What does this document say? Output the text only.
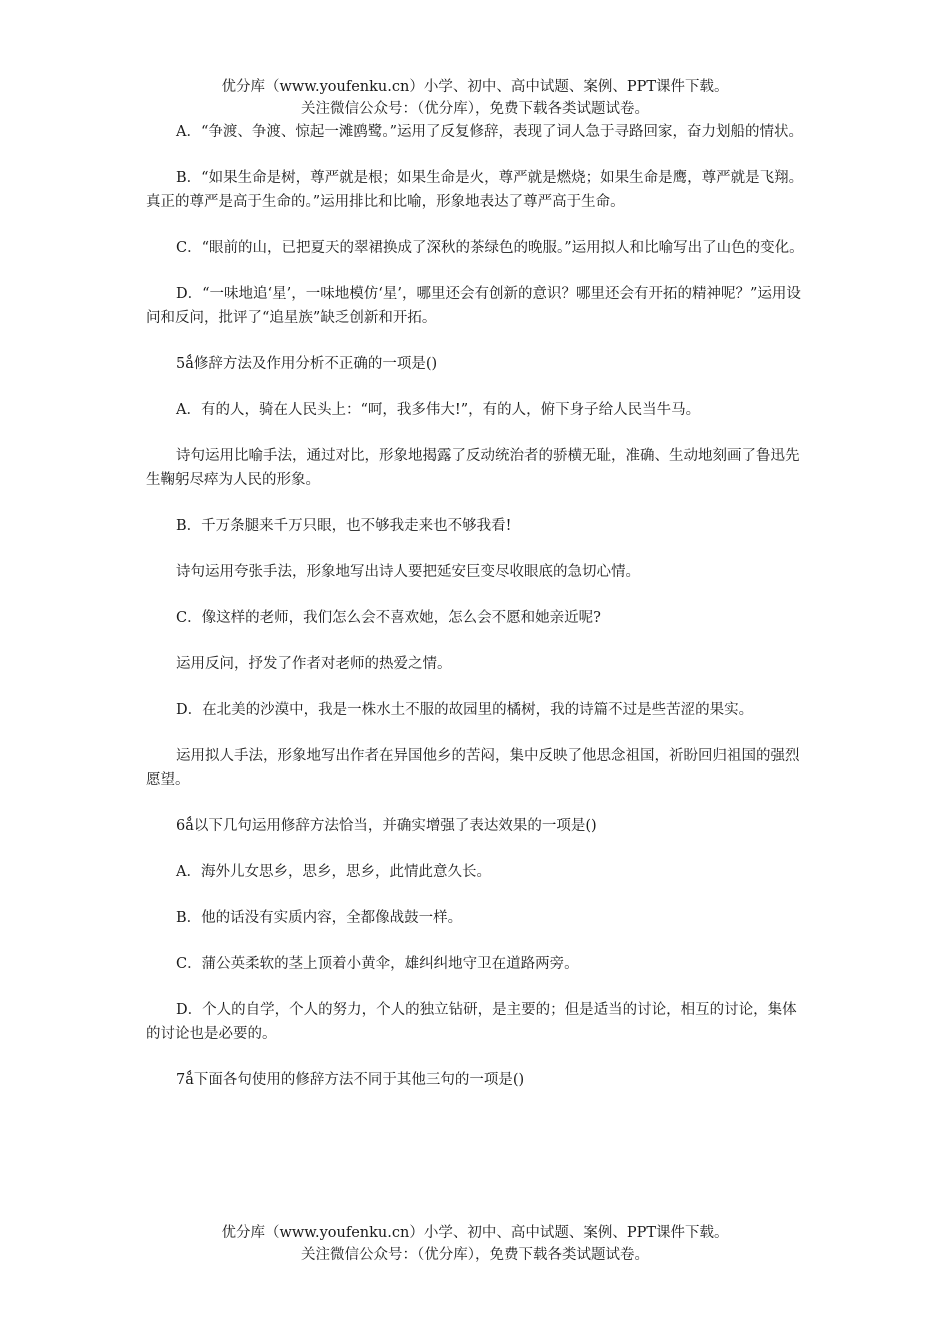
优分库（www.youfenku.cn）小学、初中、高中试题、案例、PPT课件下载。
关注微信公众号：（优分库），免费下载各类试题试卷。

A．“争渡、争渡、惊起一滩鸥鹭。”运用了反复修辞，表现了词人急于寻路回家，奋力划船的情状。

B．“如果生命是树，尊严就是根；如果生命是火，尊严就是燃烧；如果生命是鹰，尊严就是飞翔。真正的尊严是高于生命的。”运用排比和比喻，形象地表达了尊严高于生命。

C．“眼前的山，已把夏天的翠裙换成了深秋的茶绿色的晚服。”运用拟人和比喻写出了山色的变化。

D．“一味地追‘星’，一味地模仿‘星’，哪里还会有创新的意识？哪里还会有开拓的精神呢？”运用设问和反问，批评了“追星族”缺乏创新和开拓。

5ǻ修辞方法及作用分析不正确的一项是()

A．有的人，骑在人民头上：“呵，我多伟大!”，有的人，俯下身子给人民当牛马。

诗句运用比喻手法，通过对比，形象地揭露了反动统治者的骄横无耻，准确、生动地刻画了鲁迅先生鞠躬尽瘁为人民的形象。

B．千万条腿来千万只眼，也不够我走来也不够我看!

诗句运用夸张手法，形象地写出诗人要把延安巨变尽收眼底的急切心情。

C．像这样的老师，我们怎么会不喜欢她，怎么会不愿和她亲近呢?

运用反问，抒发了作者对老师的热爱之情。

D．在北美的沙漠中，我是一株水土不服的故园里的橘树，我的诗篇不过是些苦涩的果实。

运用拟人手法，形象地写出作者在异国他乡的苦闷，集中反映了他思念祖国，祈盼回归祖国的强烈愿望。

6ǻ以下几句运用修辞方法恰当，并确实增强了表达效果的一项是()

A．海外儿女思乡，思乡，思乡，此情此意久长。

B．他的话没有实质内容，全都像战鼓一样。

C．蒲公英柔软的茎上顶着小黄伞，雄纠纠地守卫在道路两旁。

D．个人的自学，个人的努力，个人的独立钻研，是主要的；但是适当的讨论，相互的讨论，集体的讨论也是必要的。

7ǻ下面各句使用的修辞方法不同于其他三句的一项是()

优分库（www.youfenku.cn）小学、初中、高中试题、案例、PPT课件下载。
关注微信公众号：（优分库），免费下载各类试题试卷。
